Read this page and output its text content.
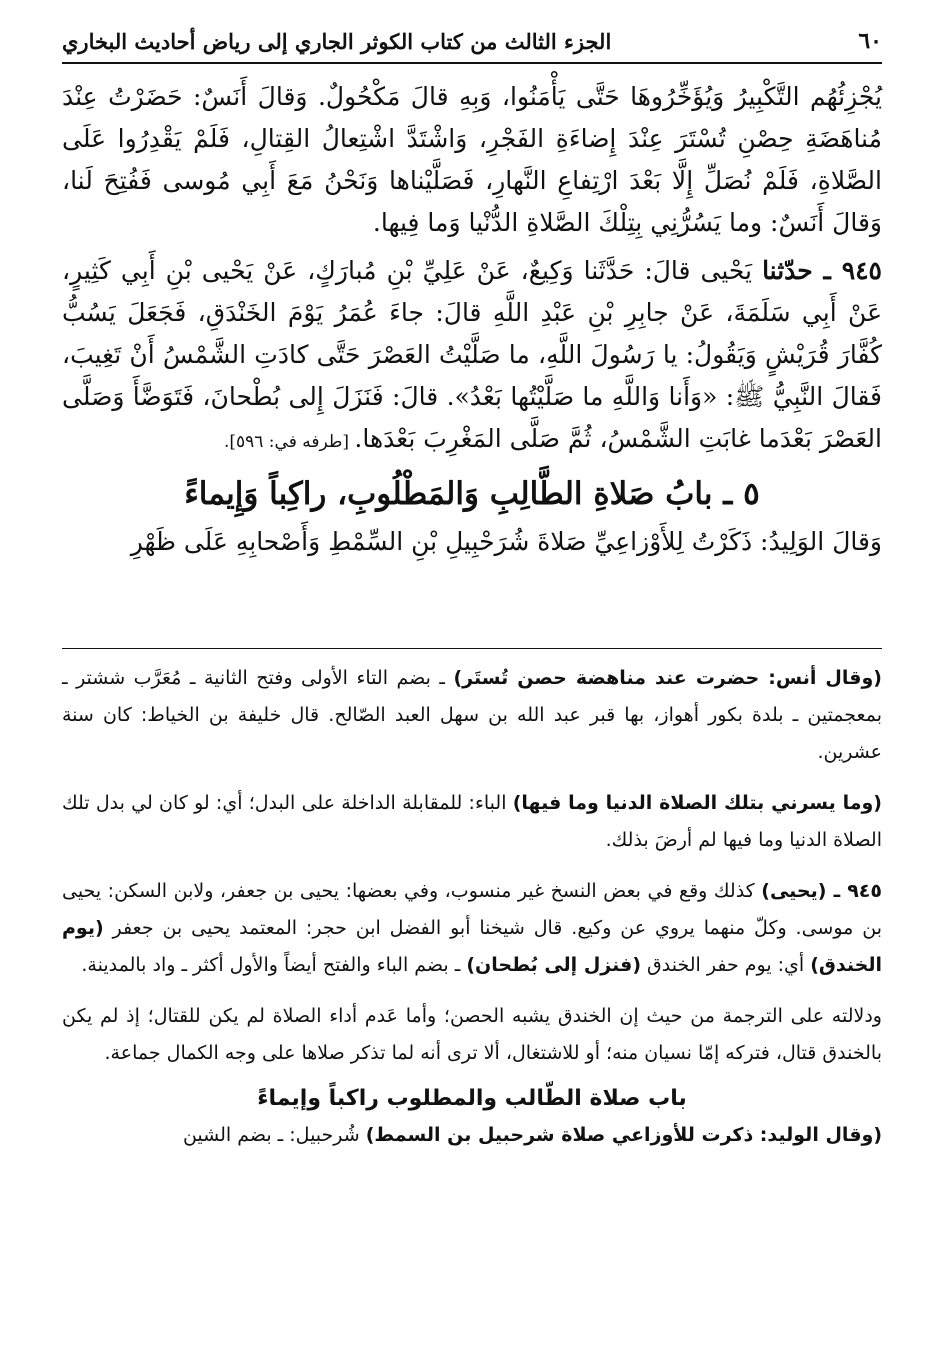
٦٠
الجزء الثالث من كتاب الكوثر الجاري إلى رياض أحاديث البخاري

يُجْزِئُهُم التَّكْبِيرُ وَيُؤَخِّرُوهَا حَتَّى يَأْمَنُوا، وَبِهِ قالَ مَكْحُولٌ. وَقالَ أَنَسٌ: حَضَرْتُ عِنْدَ مُناهَضَةِ حِصْنِ تُسْتَرَ عِنْدَ إِضاءَةِ الفَجْرِ، وَاشْتَدَّ اشْتِعالُ القِتالِ، فَلَمْ يَقْدِرُوا عَلَى الصَّلاةِ، فَلَمْ نُصَلِّ إِلَّا بَعْدَ ارْتِفاعِ النَّهارِ، فَصَلَّيْناها وَنَحْنُ مَعَ أَبِي مُوسى فَفُتِحَ لَنا، وَقالَ أَنَسٌ: وما يَسُرُّنِي بِتِلْكَ الصَّلاةِ الدُّنْيا وَما فِيها.

٩٤٥ ـ حدّثنا يَحْيى قالَ: حَدَّثَنا وَكِيعٌ، عَنْ عَلِيِّ بْنِ مُبارَكٍ، عَنْ يَحْيى بْنِ أَبِي كَثِيرٍ، عَنْ أَبِي سَلَمَةَ، عَنْ جابِرِ بْنِ عَبْدِ اللَّهِ قالَ: جاءَ عُمَرُ يَوْمَ الخَنْدَقِ، فَجَعَلَ يَسُبُّ كُفَّارَ قُرَيْشٍ وَيَقُولُ: يا رَسُولَ اللَّهِ، ما صَلَّيْتُ العَصْرَ حَتَّى كادَتِ الشَّمْسُ أَنْ تَغِيبَ، فَقالَ النَّبِيُّ ﷺ: «وَأَنا وَاللَّهِ ما صَلَّيْتُها بَعْدُ». قالَ: فَنَزَلَ إِلى بُطْحانَ، فَتَوَضَّأَ وَصَلَّى العَصْرَ بَعْدَما غابَتِ الشَّمْسُ، ثُمَّ صَلَّى المَغْرِبَ بَعْدَها. [طرفه في: ٥٩٦].

٥ ـ بابُ صَلاةِ الطَّالِبِ وَالمَطْلُوبِ، راكِباً وَإِيماءً

وَقالَ الوَلِيدُ: ذَكَرْتُ لِلأَوْزاعِيِّ صَلاةَ شُرَحْبِيلِ بْنِ السِّمْطِ وَأَصْحابِهِ عَلَى ظَهْرِ

(وقال أنس: حضرت عند مناهضة حصن تُستَر) ـ بضم التاء الأولى وفتح الثانية ـ مُعَرَّب ششتر ـ بمعجمتين ـ بلدة بكور أهواز، بها قبر عبد الله بن سهل العبد الصّالح. قال خليفة بن الخياط: كان سنة عشرين.

(وما يسرني بتلك الصلاة الدنيا وما فيها) الباء: للمقابلة الداخلة على البدل؛ أي: لو كان لي بدل تلك الصلاة الدنيا وما فيها لم أرضَ بذلك.

٩٤٥ ـ (يحيى) كذلك وقع في بعض النسخ غير منسوب، وفي بعضها: يحيى بن جعفر، ولابن السكن: يحيى بن موسى. وكلّ منهما يروي عن وكيع. قال شيخنا أبو الفضل ابن حجر: المعتمد يحيى بن جعفر (يوم الخندق) أي: يوم حفر الخندق (فنزل إلى بُطحان) ـ بضم الباء والفتح أيضاً والأول أكثر ـ واد بالمدينة.

ودلالته على الترجمة من حيث إن الخندق يشبه الحصن؛ وأما عَدم أداء الصلاة لم يكن للقتال؛ إذ لم يكن بالخندق قتال، فتركه إمّا نسيان منه؛ أو للاشتغال، ألا ترى أنه لما تذكر صلاها على وجه الكمال جماعة.

باب صلاة الطّالب والمطلوب راكباً وإيماءً

(وقال الوليد: ذكرت للأوزاعي صلاة شرحبيل بن السمط) شُرحبيل: ـ بضم الشين
